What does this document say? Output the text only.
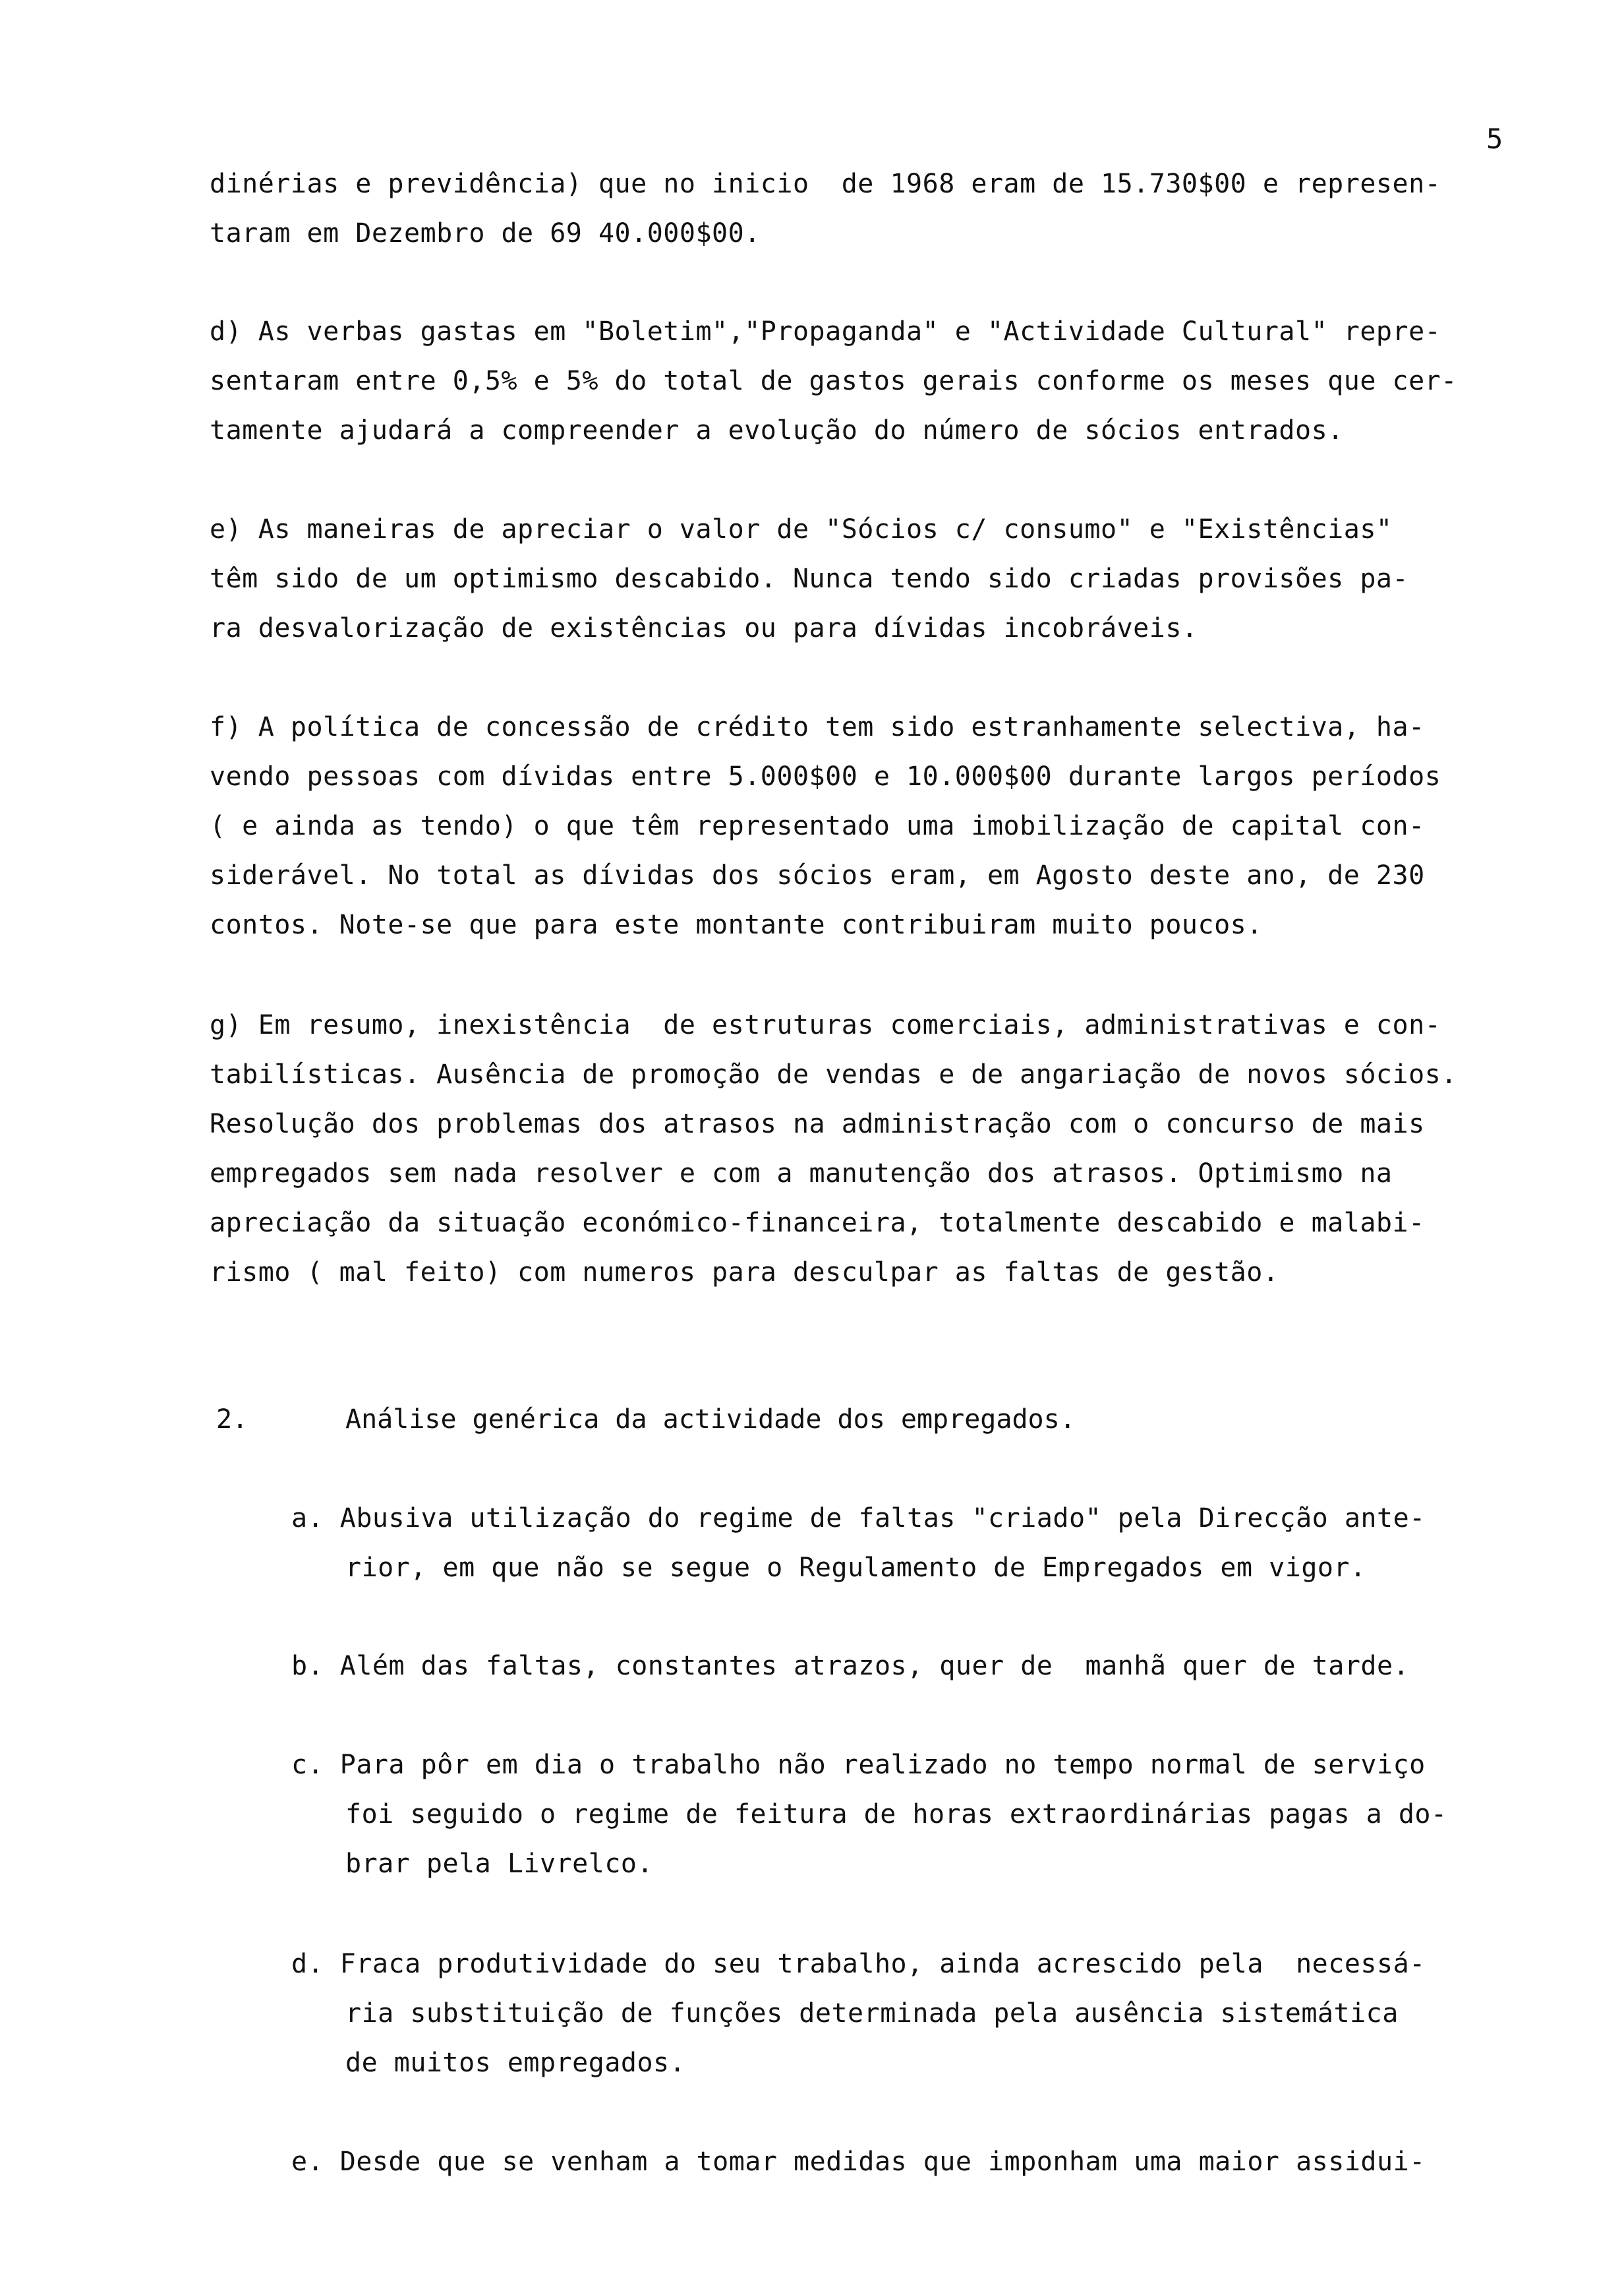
5
dinérias e previdência) que no inicio  de 1968 eram de 15.730$00 e represen-
taram em Dezembro de 69 40.000$00.
d) As verbas gastas em "Boletim","Propaganda" e "Actividade Cultural" repre-
sentaram entre 0,5% e 5% do total de gastos gerais conforme os meses que cer-
tamente ajudará a compreender a evolução do número de sócios entrados.
e) As maneiras de apreciar o valor de "Sócios c/ consumo" e "Existências"
têm sido de um optimismo descabido. Nunca tendo sido criadas provisões pa-
ra desvalorização de existências ou para dívidas incobráveis.
f) A política de concessão de crédito tem sido estranhamente selectiva, ha-
vendo pessoas com dívidas entre 5.000$00 e 10.000$00 durante largos períodos
( e ainda as tendo) o que têm representado uma imobilização de capital con-
siderável. No total as dívidas dos sócios eram, em Agosto deste ano, de 230
contos. Note-se que para este montante contribuiram muito poucos.
g) Em resumo, inexistência  de estruturas comerciais, administrativas e con-
tabilísticas. Ausência de promoção de vendas e de angariação de novos sócios.
Resolução dos problemas dos atrasos na administração com o concurso de mais
empregados sem nada resolver e com a manutenção dos atrasos. Optimismo na
apreciação da situação económico-financeira, totalmente descabido e malabi-
rismo ( mal feito) com numeros para desculpar as faltas de gestão.
2.	Análise genérica da actividade dos empregados.
a. Abusiva utilização do regime de faltas "criado" pela Direcção ante-
rior, em que não se segue o Regulamento de Empregados em vigor.
b. Além das faltas, constantes atrazos, quer de  manhã quer de tarde.
c. Para pôr em dia o trabalho não realizado no tempo normal de serviço
foi seguido o regime de feitura de horas extraordinárias pagas a do-
brar pela Livrelco.
d. Fraca produtividade do seu trabalho, ainda acrescido pela  necessá-
ria substituição de funções determinada pela ausência sistemática
de muitos empregados.
e. Desde que se venham a tomar medidas que imponham uma maior assidui-
